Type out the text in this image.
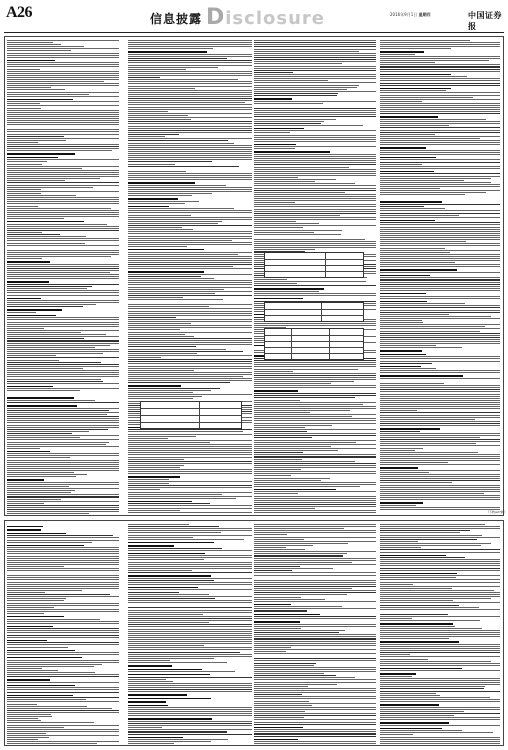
A26	信息披露 Disclosure	2016年9月1日 星期四	中国证券报
（下转A27版）
